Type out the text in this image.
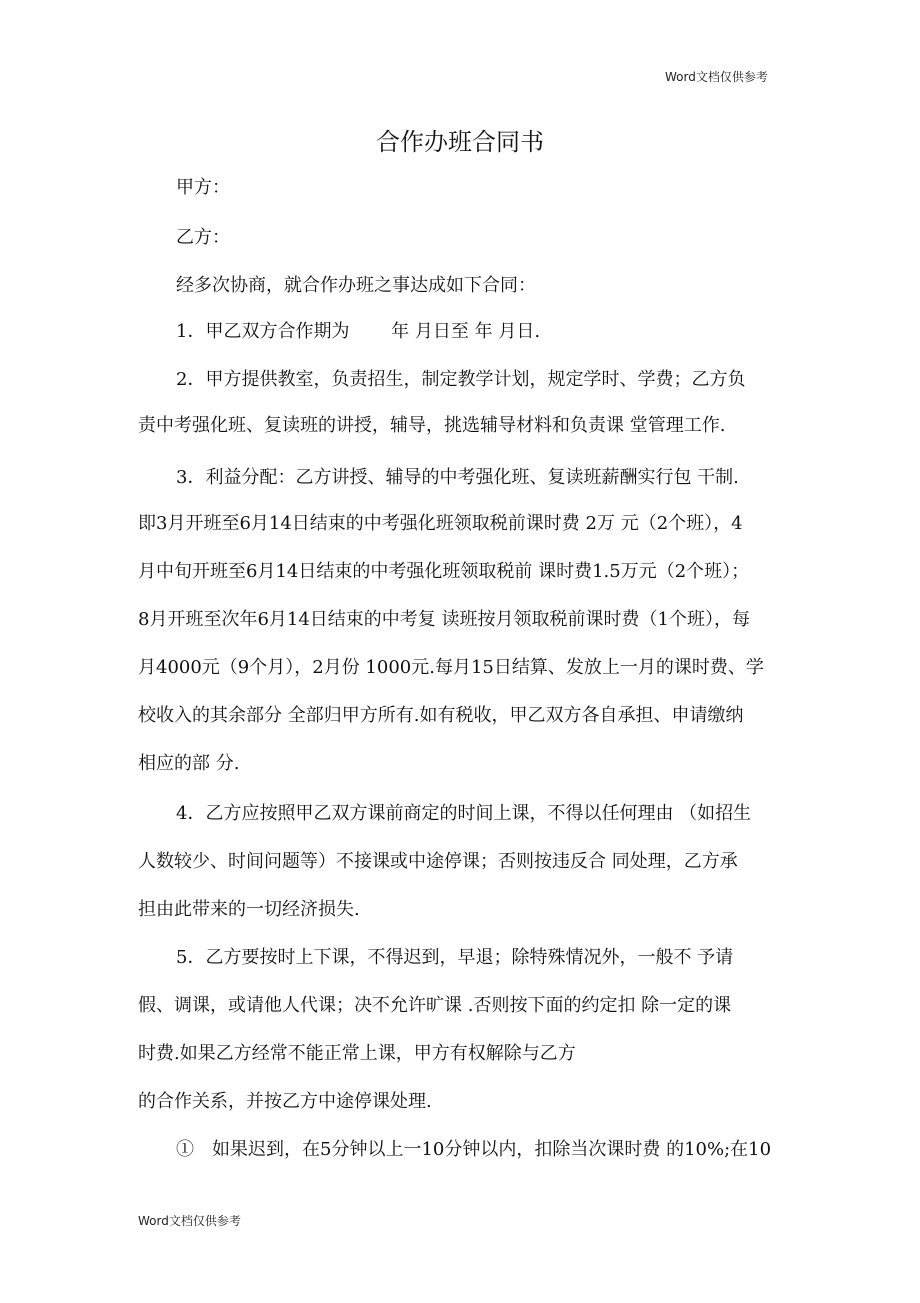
Word文档仅供参考

合作办班合同书

甲方：

乙方：

经多次协商，就合作办班之事达成如下合同：

1．甲乙双方合作期为　　 年 月日至 年 月日.

2．甲方提供教室，负责招生，制定教学计划，规定学时、学费；乙方负

责中考强化班、复读班的讲授，辅导，挑选辅导材料和负责课 堂管理工作.

3．利益分配：乙方讲授、辅导的中考强化班、复读班薪酬实行包 干制.

即3月开班至6月14日结束的中考强化班领取税前课时费 2万 元（2个班），4

月中旬开班至6月14日结束的中考强化班领取税前 课时费1.5万元（2个班）；

8月开班至次年6月14日结束的中考复 读班按月领取税前课时费（1个班），每

月4000元（9个月），2月份 1000元.每月15日结算、发放上一月的课时费、学

校收入的其余部分 全部归甲方所有.如有税收，甲乙双方各自承担、申请缴纳

相应的部 分.

4．乙方应按照甲乙双方课前商定的时间上课，不得以任何理由 （如招生

人数较少、时间问题等）不接课或中途停课；否则按违反合 同处理，乙方承

担由此带来的一切经济损失.

5．乙方要按时上下课，不得迟到，早退；除特殊情况外，一般不 予请

假、调课，或请他人代课；决不允许旷课 .否则按下面的约定扣 除一定的课

时费.如果乙方经常不能正常上课，甲方有权解除与乙方

的合作关系，并按乙方中途停课处理.

①　如果迟到，在5分钟以上一10分钟以内，扣除当次课时费 的10%;在10

Word文档仅供参考
